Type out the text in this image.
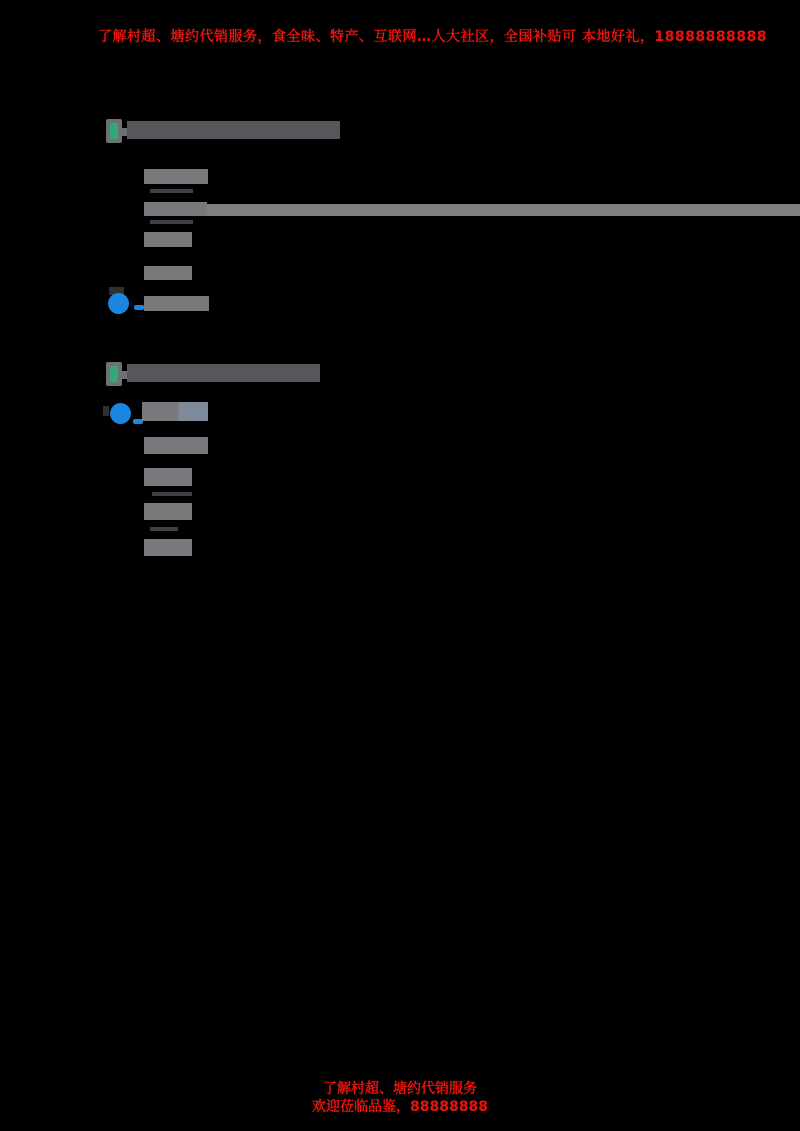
了解村超、塘约代销服务，食全味、特产、互联网…人大社区，全国补贴可 本地好礼，18888888888
了解村超、塘约代销服务
欢迎莅临品鉴，88888888
